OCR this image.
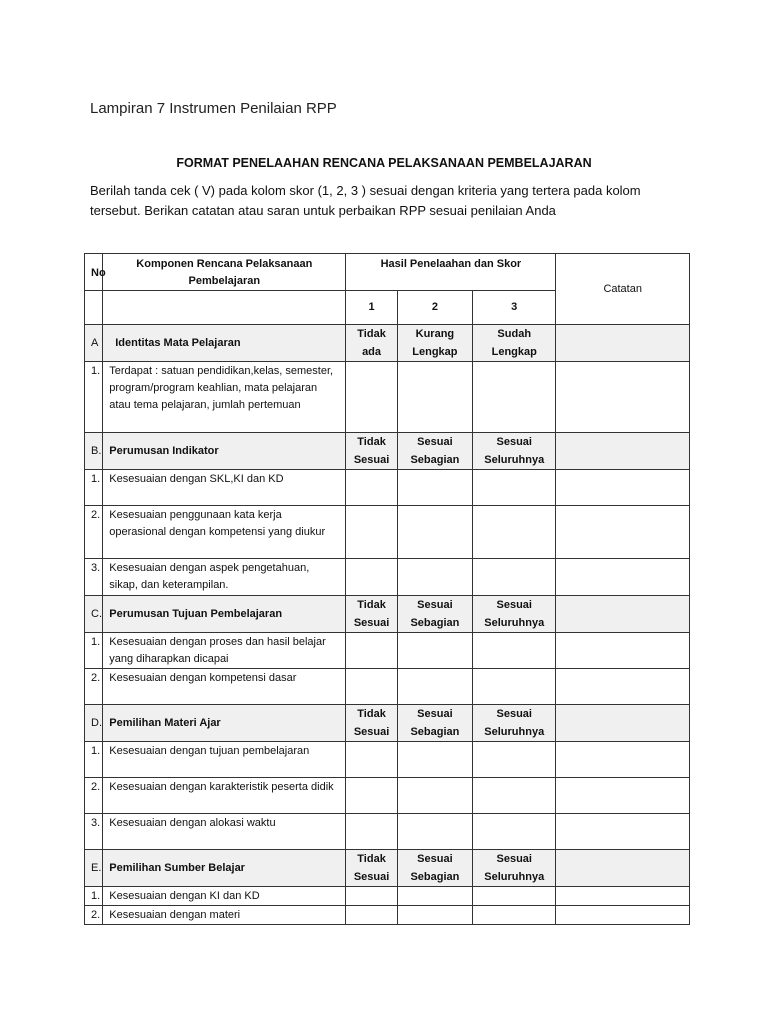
Lampiran 7 Instrumen Penilaian RPP
FORMAT PENELAAHAN RENCANA PELAKSANAAN PEMBELAJARAN
Berilah tanda cek ( V) pada kolom skor (1, 2, 3 ) sesuai dengan kriteria yang tertera pada kolom tersebut. Berikan catatan atau saran untuk perbaikan RPP sesuai penilaian Anda
No	Komponen Rencana Pelaksanaan Pembelajaran	Hasil Penelaahan dan Skor			Catatan
		1	2	3	
A	Identitas Mata Pelajaran	Tidak ada	Kurang Lengkap	Sudah Lengkap	
1.	Terdapat : satuan pendidikan,kelas, semester, program/program keahlian, mata pelajaran atau tema pelajaran, jumlah pertemuan				
B.	Perumusan Indikator	Tidak Sesuai	Sesuai Sebagian	Sesuai Seluruhnya	
1.	Kesesuaian dengan SKL,KI dan KD				
2.	Kesesuaian penggunaan kata kerja operasional dengan kompetensi yang diukur				
3.	Kesesuaian dengan aspek pengetahuan, sikap, dan keterampilan.				
C.	Perumusan Tujuan Pembelajaran	Tidak Sesuai	Sesuai Sebagian	Sesuai Seluruhnya	
1.	Kesesuaian dengan proses dan hasil belajar yang diharapkan dicapai				
2.	Kesesuaian dengan kompetensi dasar				
D.	Pemilihan Materi Ajar	Tidak Sesuai	Sesuai Sebagian	Sesuai Seluruhnya	
1.	Kesesuaian dengan tujuan pembelajaran				
2.	Kesesuaian dengan karakteristik peserta didik				
3.	Kesesuaian dengan alokasi waktu				
E.	Pemilihan Sumber Belajar	Tidak Sesuai	Sesuai Sebagian	Sesuai Seluruhnya	
1.	Kesesuaian dengan KI dan KD				
2.	Kesesuaian dengan materi				
